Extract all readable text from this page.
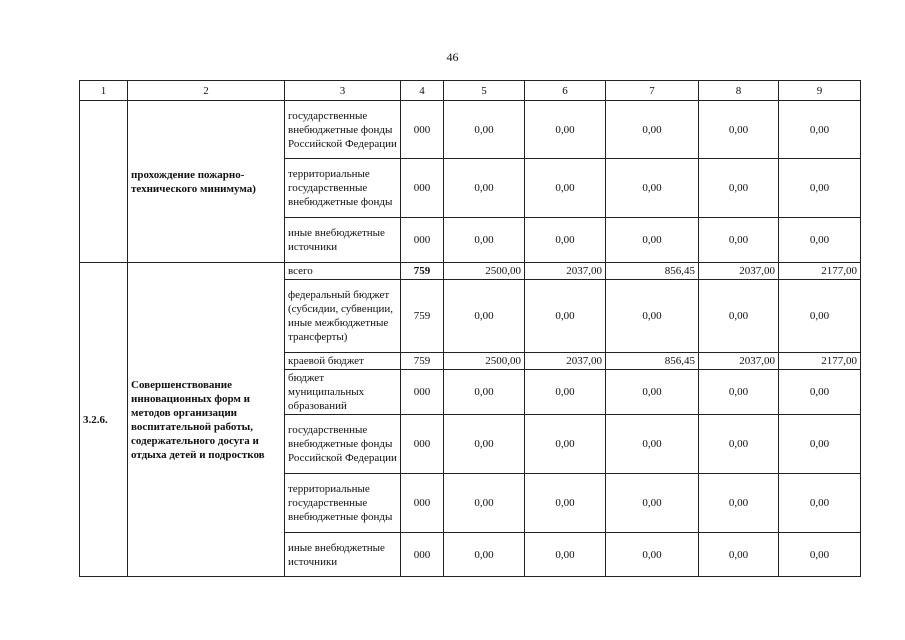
46
1	2	3	4	5	6	7	8	9
	прохождение пожарно-технического минимума)	государственные внебюджетные фонды Российской Федерации	000	0,00	0,00	0,00	0,00	0,00
		территориальные государственные внебюджетные фонды	000	0,00	0,00	0,00	0,00	0,00
		иные внебюджетные источники	000	0,00	0,00	0,00	0,00	0,00
3.2.6.	Совершенствование инновационных форм и методов организации воспитательной работы, содержательного досуга и отдыха детей и подростков	всего	759	2500,00	2037,00	856,45	2037,00	2177,00
		федеральный бюджет (субсидии, субвенции, иные межбюджетные трансферты)	759	0,00	0,00	0,00	0,00	0,00
		краевой бюджет	759	2500,00	2037,00	856,45	2037,00	2177,00
		бюджет муниципальных образований	000	0,00	0,00	0,00	0,00	0,00
		государственные внебюджетные фонды Российской Федерации	000	0,00	0,00	0,00	0,00	0,00
		территориальные государственные внебюджетные фонды	000	0,00	0,00	0,00	0,00	0,00
		иные внебюджетные источники	000	0,00	0,00	0,00	0,00	0,00
